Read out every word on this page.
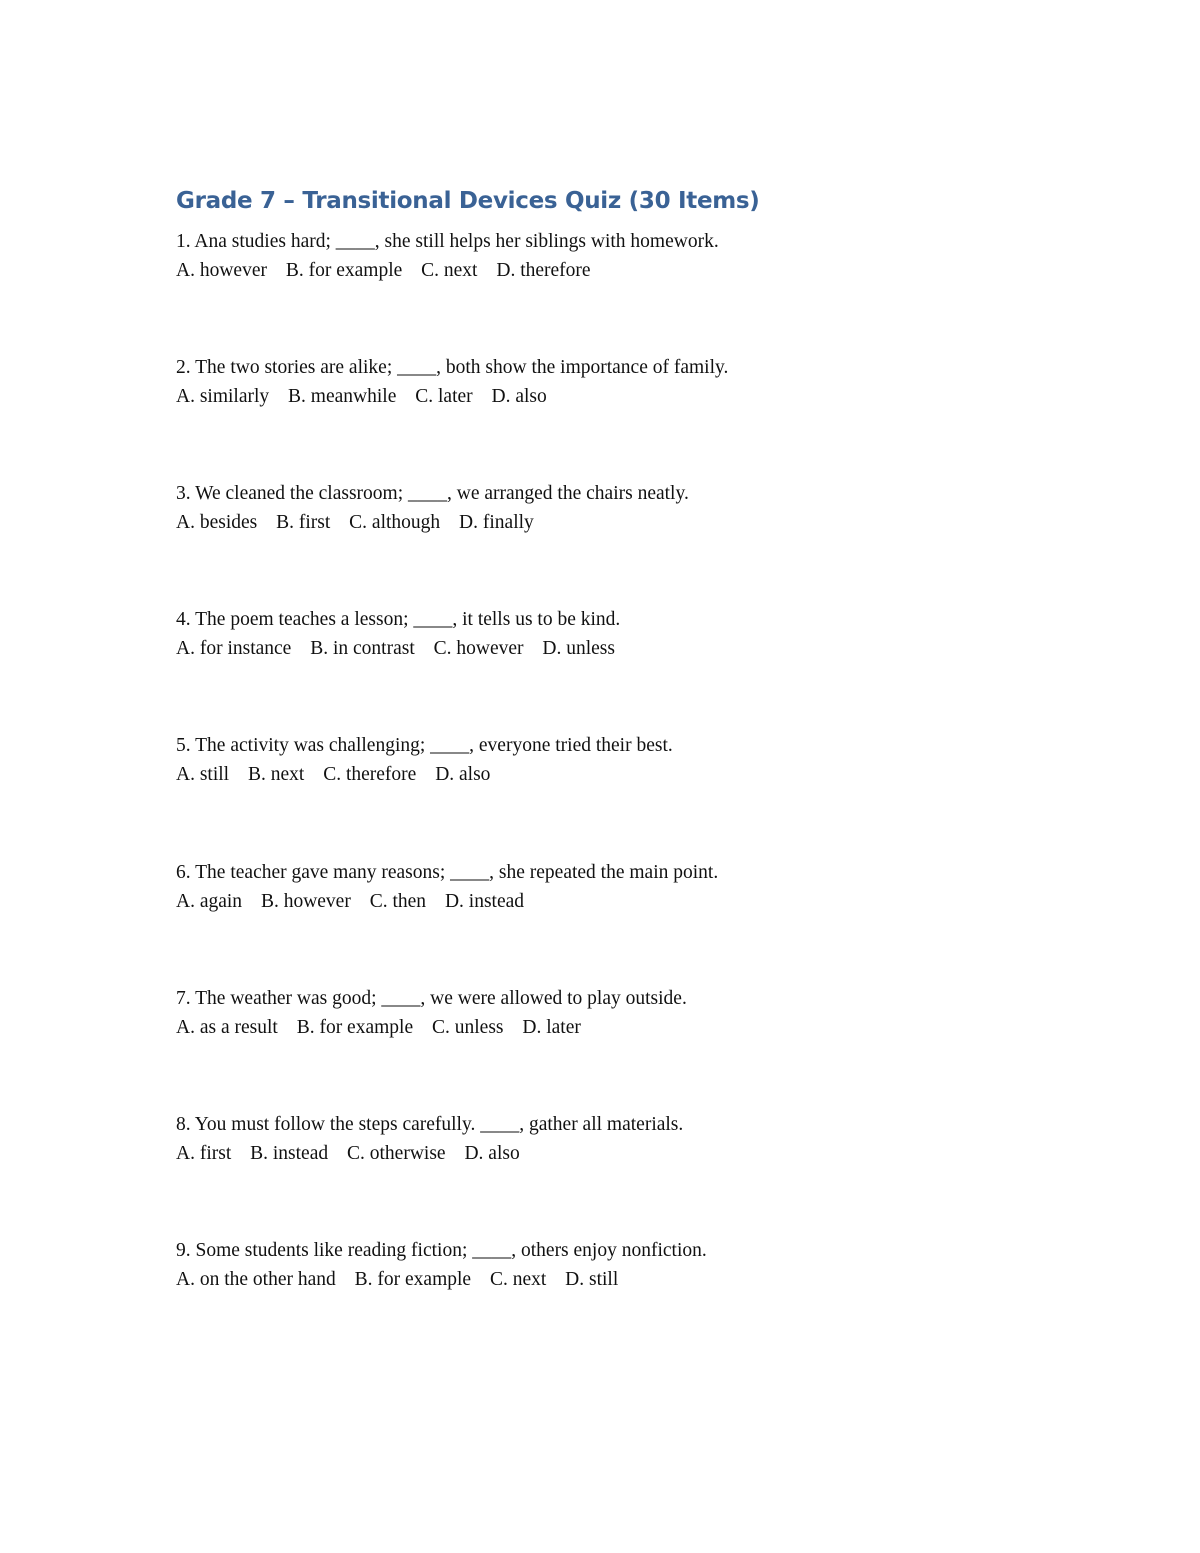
Grade 7 – Transitional Devices Quiz (30 Items)
1. Ana studies hard; ____, she still helps her siblings with homework.
A. however B. for example C. next D. therefore
2. The two stories are alike; ____, both show the importance of family.
A. similarly B. meanwhile C. later D. also
3. We cleaned the classroom; ____, we arranged the chairs neatly.
A. besides B. first C. although D. finally
4. The poem teaches a lesson; ____, it tells us to be kind.
A. for instance B. in contrast C. however D. unless
5. The activity was challenging; ____, everyone tried their best.
A. still B. next C. therefore D. also
6. The teacher gave many reasons; ____, she repeated the main point.
A. again B. however C. then D. instead
7. The weather was good; ____, we were allowed to play outside.
A. as a result B. for example C. unless D. later
8. You must follow the steps carefully. ____, gather all materials.
A. first B. instead C. otherwise D. also
9. Some students like reading fiction; ____, others enjoy nonfiction.
A. on the other hand B. for example C. next D. still
